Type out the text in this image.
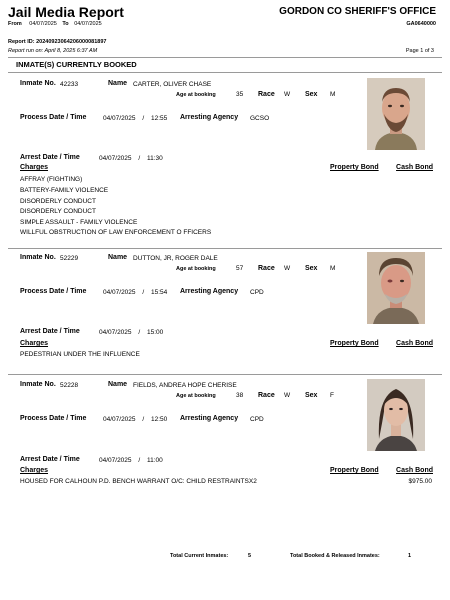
Jail Media Report	GORDON CO SHERIFF'S OFFICE
GA0640000
From 04/07/2025 To 04/07/2025
Report ID: 20240923064206000081897
Report run on: April 8, 2025 6:37 AM	Page 1 of 3
INMATE(S) CURRENTLY BOOKED
Inmate No. 42233	Name CARTER, OLIVER CHASE
Age at booking	35 Race W Sex M
Process Date / Time	04/07/2025 / 12:55 Arresting Agency GCSO
Arrest Date / Time	04/07/2025 / 11:30
Charges	Property Bond Cash Bond
AFFRAY (FIGHTING)
BATTERY-FAMILY VIOLENCE
DISORDERLY CONDUCT
DISORDERLY CONDUCT
SIMPLE ASSAULT - FAMILY VIOLENCE
WILLFUL OBSTRUCTION OF LAW ENFORCEMENT O FFICERS
Inmate No. 52229	Name DUTTON, JR, ROGER DALE
Age at booking	57 Race W Sex M
Process Date / Time	04/07/2025 / 15:54 Arresting Agency CPD
Arrest Date / Time	04/07/2025 / 15:00
Charges	Property Bond Cash Bond
PEDESTRIAN UNDER THE INFLUENCE
Inmate No. 52228	Name FIELDS, ANDREA HOPE CHERISE
Age at booking	38 Race W Sex F
Process Date / Time	04/07/2025 / 12:50 Arresting Agency CPD
Arrest Date / Time	04/07/2025 / 11:00
Charges	Property Bond Cash Bond
HOUSED FOR CALHOUN P.D. BENCH WARRANT O/C: CHILD RESTRAINTSX2	$975.00
Total Current Inmates:	5	Total Booked & Released Inmates:	1
